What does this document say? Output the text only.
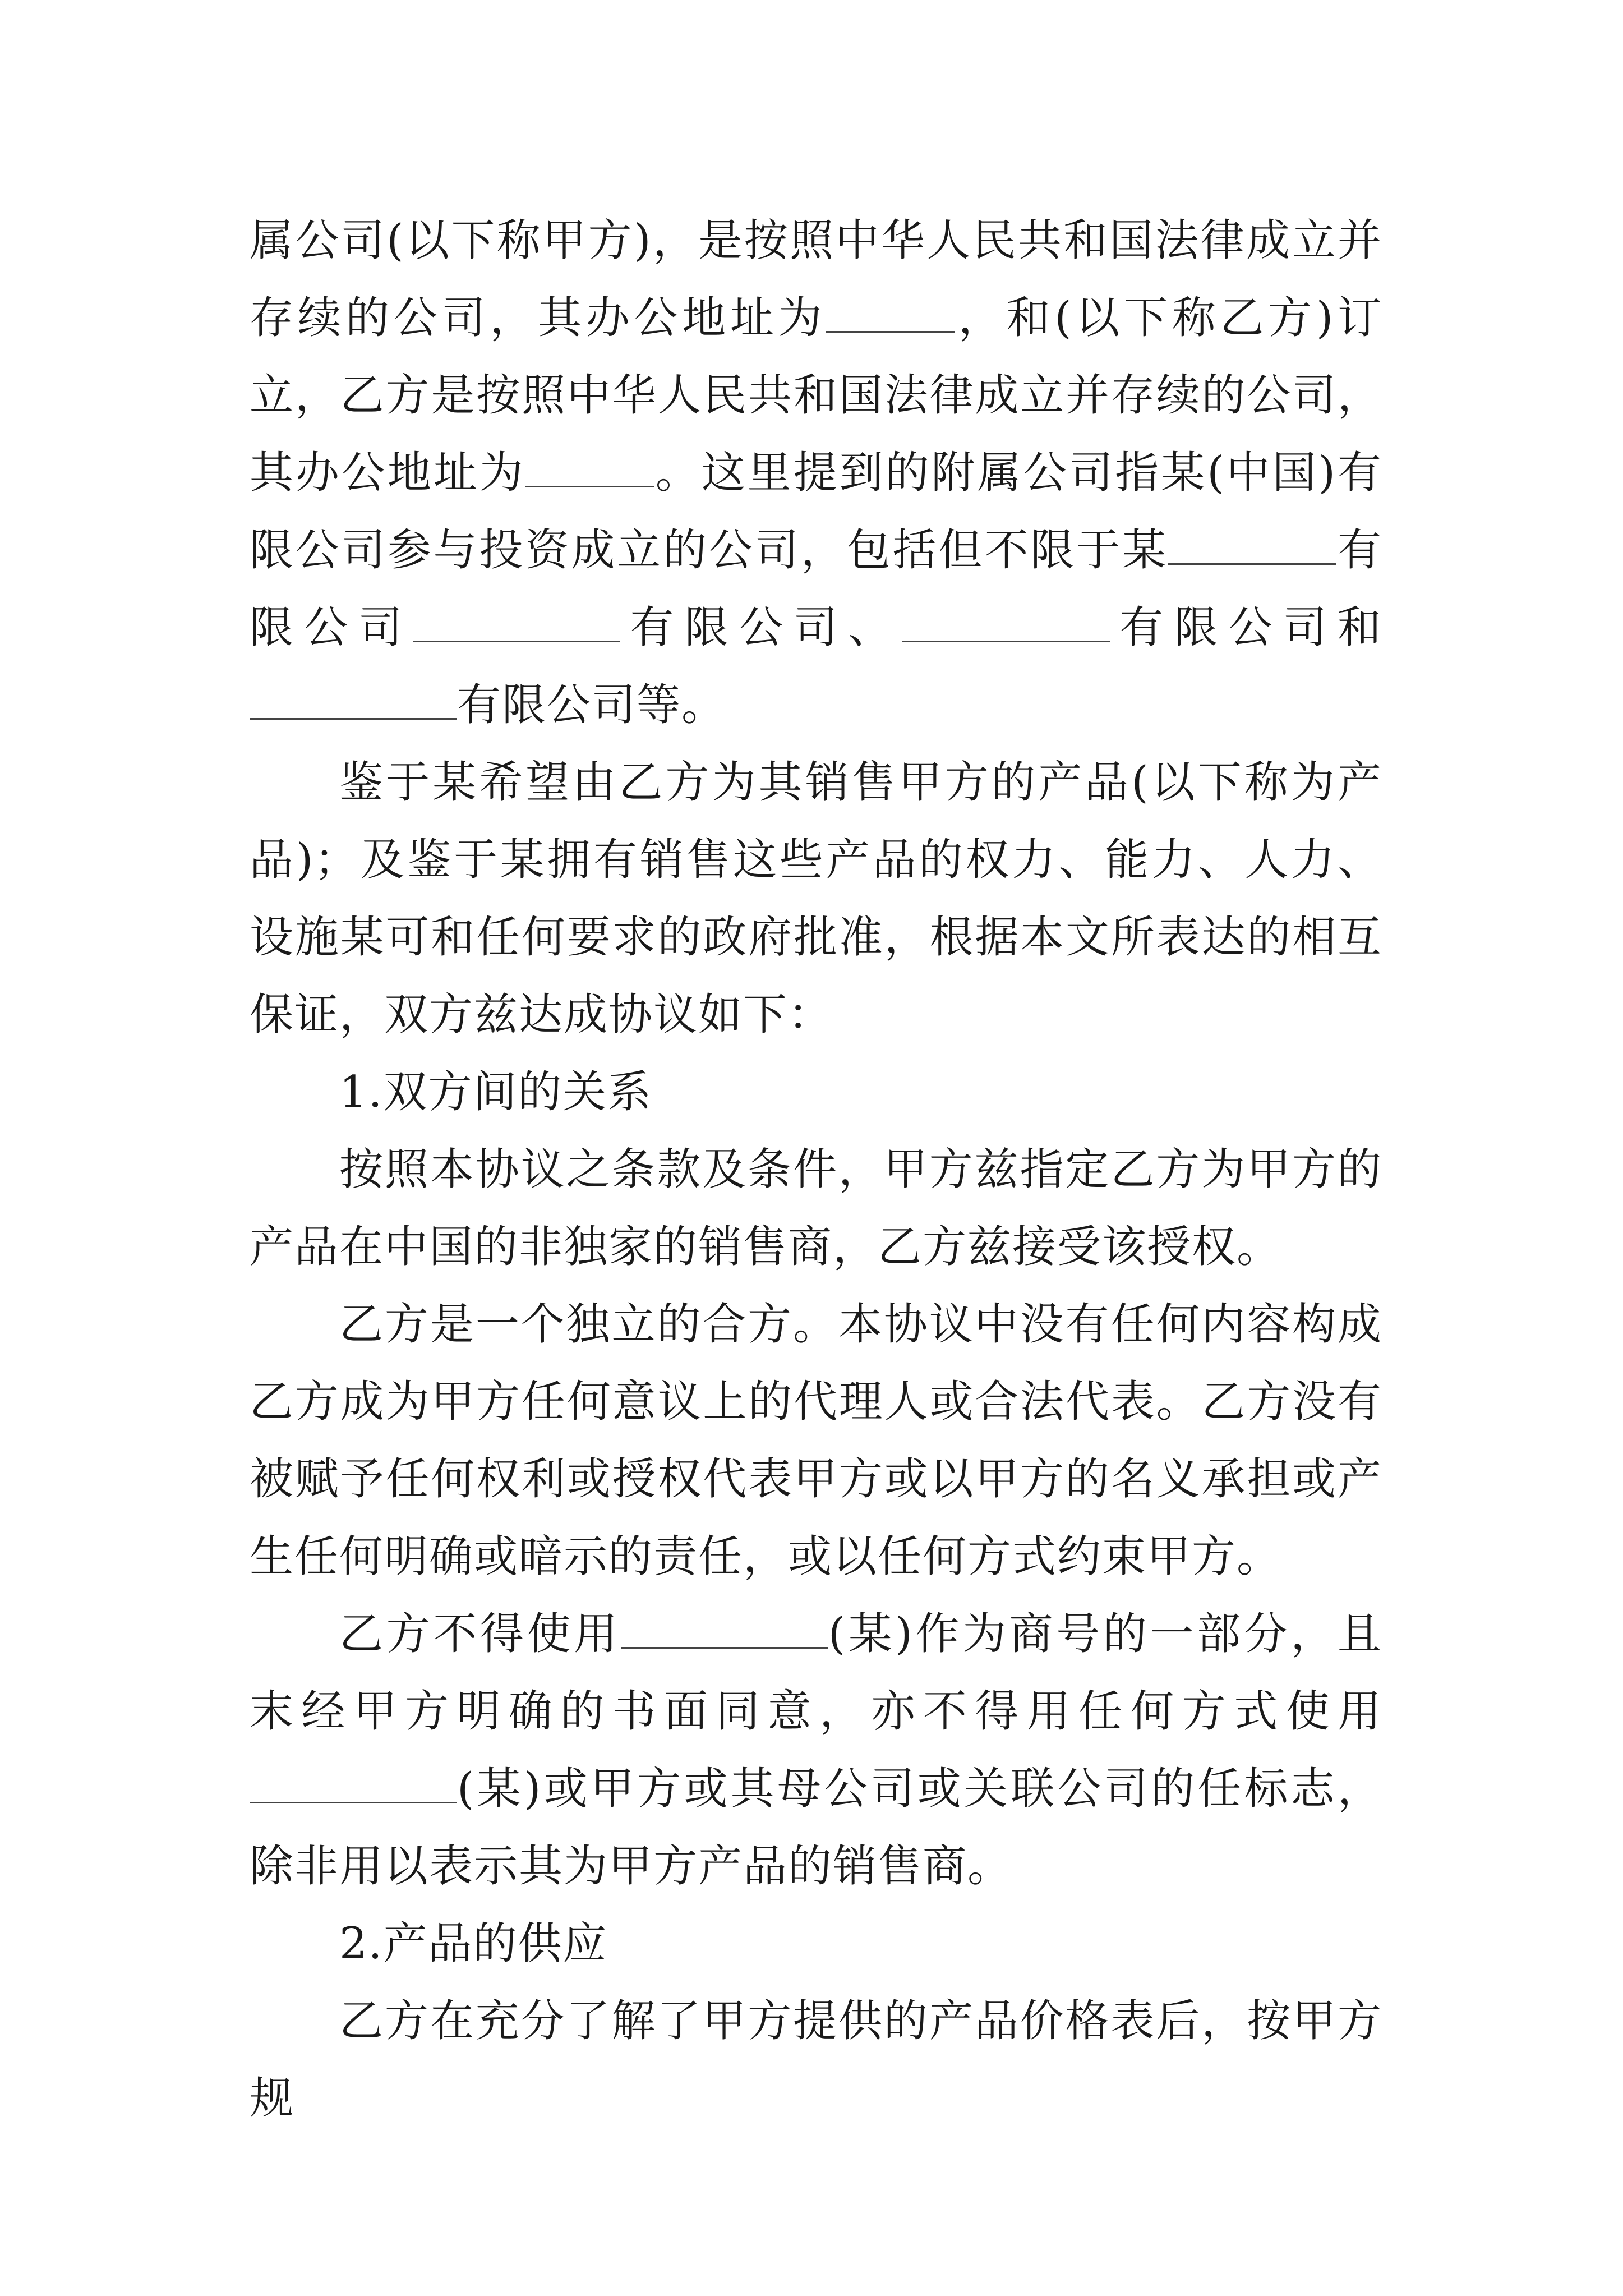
属公司(以下称甲方)，是按照中华人民共和国法律成立并存续的公司，其办公地址为	，和(以下称乙方)订立，乙方是按照中华人民共和国法律成立并存续的公司，其办公地址为	。这里提到的附属公司指某(中国)有限公司参与投资成立的公司，包括但不限于某	有限公司	有限公司、	有限公司和有限公司等。

鉴于某希望由乙方为其销售甲方的产品(以下称为产品)；及鉴于某拥有销售这些产品的权力、能力、人力、设施某可和任何要求的政府批准，根据本文所表达的相互保证，双方兹达成协议如下：

1.双方间的关系

按照本协议之条款及条件，甲方兹指定乙方为甲方的产品在中国的非独家的销售商，乙方兹接受该授权。

乙方是一个独立的合方。本协议中没有任何内容构成乙方成为甲方任何意议上的代理人或合法代表。乙方没有被赋予任何权利或授权代表甲方或以甲方的名义承担或产生任何明确或暗示的责任，或以任何方式约束甲方。

乙方不得使用	(某)作为商号的一部分，且末经甲方明确的书面同意，亦不得用任何方式使用(某)或甲方或其母公司或关联公司的任标志，除非用以表示其为甲方产品的销售商。

2.产品的供应

乙方在充分了解了甲方提供的产品价格表后，按甲方规
